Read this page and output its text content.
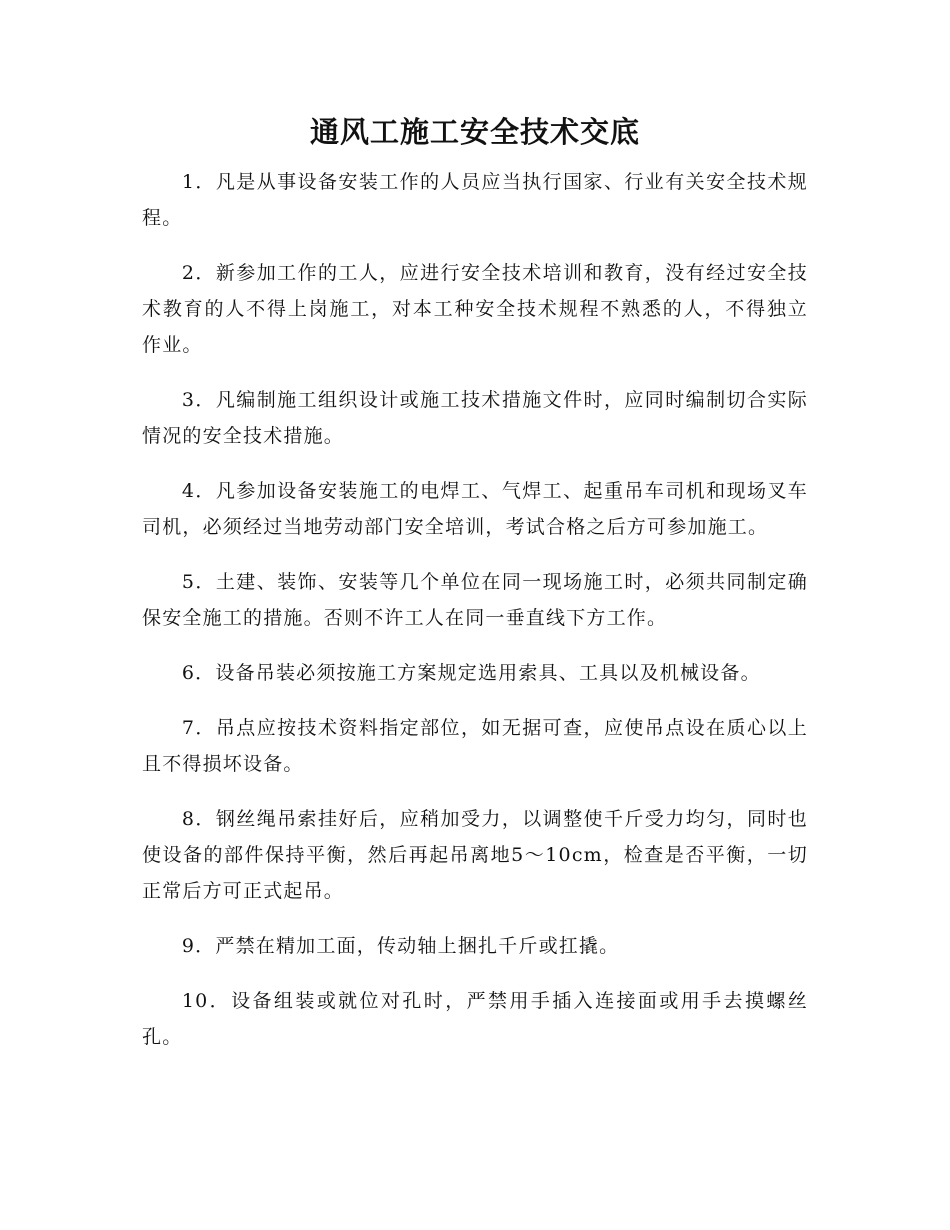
通风工施工安全技术交底

1．凡是从事设备安装工作的人员应当执行国家、行业有关安全技术规程。

2．新参加工作的工人，应进行安全技术培训和教育，没有经过安全技术教育的人不得上岗施工，对本工种安全技术规程不熟悉的人，不得独立作业。

3．凡编制施工组织设计或施工技术措施文件时，应同时编制切合实际情况的安全技术措施。

4．凡参加设备安装施工的电焊工、气焊工、起重吊车司机和现场叉车司机，必须经过当地劳动部门安全培训，考试合格之后方可参加施工。

5．土建、装饰、安装等几个单位在同一现场施工时，必须共同制定确保安全施工的措施。否则不许工人在同一垂直线下方工作。

6．设备吊装必须按施工方案规定选用索具、工具以及机械设备。

7．吊点应按技术资料指定部位，如无据可查，应使吊点设在质心以上且不得损坏设备。

8．钢丝绳吊索挂好后，应稍加受力，以调整使千斤受力均匀，同时也使设备的部件保持平衡，然后再起吊离地5～10cm，检查是否平衡，一切正常后方可正式起吊。

9．严禁在精加工面，传动轴上捆扎千斤或扛撬。

10．设备组装或就位对孔时，严禁用手插入连接面或用手去摸螺丝孔。
